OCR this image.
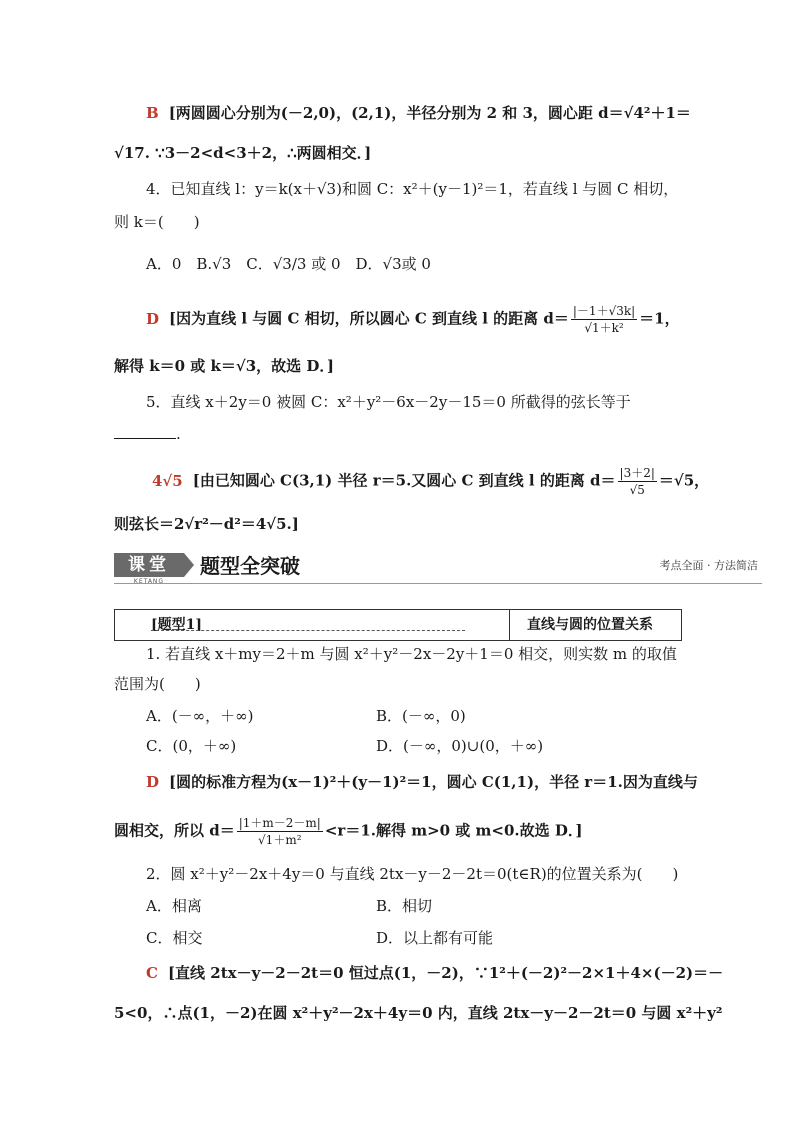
B [两圆圆心分别为(－2,0)，(2,1)，半径分别为 2 和 3，圆心距 d＝√4²＋1＝
√17. ∵3－2<d<3＋2，∴两圆相交．]
4．已知直线 l：y＝k(x＋√3)和圆 C：x²＋(y－1)²＝1，若直线 l 与圆 C 相切，
则 k＝(　　)
A．0　B.√3　C．√3/3 或 0　D．√3或 0
D [因为直线 l 与圆 C 相切，所以圆心 C 到直线 l 的距离 $d= \frac{|-1+√3k|}{\text{√1＋k²}} =1$，
解得 k＝0 或 k＝√3，故选 D．]
5．直线 x＋2y＝0 被圆 C：x²＋y²－6x－2y－15＝0 所截得的弦长等于
.
4√5 [由已知圆心 C(3,1) 半径 r＝5.又圆心 C 到直线 l 的距离 $d= \frac{|3+2|}{√5} =√5$，
则弦长＝2√r²－d²＝4√5.]
课堂
KETANG
题型全突破	考点全面 · 方法简洁
[题型1]	直线与圆的位置关系
1. 若直线 x＋my＝2＋m 与圆 x²＋y²－2x－2y＋1＝0 相交，则实数 m 的取值
范围为(　　)
A．(－∞，＋∞)	B．(－∞，0)
C．(0，＋∞)	D．(－∞，0)∪(0，＋∞)
D [圆的标准方程为(x－1)²＋(y－1)²＝1，圆心 C(1,1)，半径 r＝1.因为直线与
圆相交，所以 $d= \frac{|1+m-2-m|}{\text{√1＋m²}} <r=1$.解得 m>0 或 m<0.故选 D．]
2．圆 x²＋y²－2x＋4y＝0 与直线 2tx－y－2－2t＝0(t∈R)的位置关系为(　　)
A．相离	B．相切
C．相交	D．以上都有可能
C [直线 2tx－y－2－2t＝0 恒过点(1，－2)，∵1²＋(－2)²－2×1＋4×(－2)＝－
5<0，∴点(1，－2)在圆 x²＋y²－2x＋4y＝0 内，直线 2tx－y－2－2t＝0 与圆 x²＋y²
